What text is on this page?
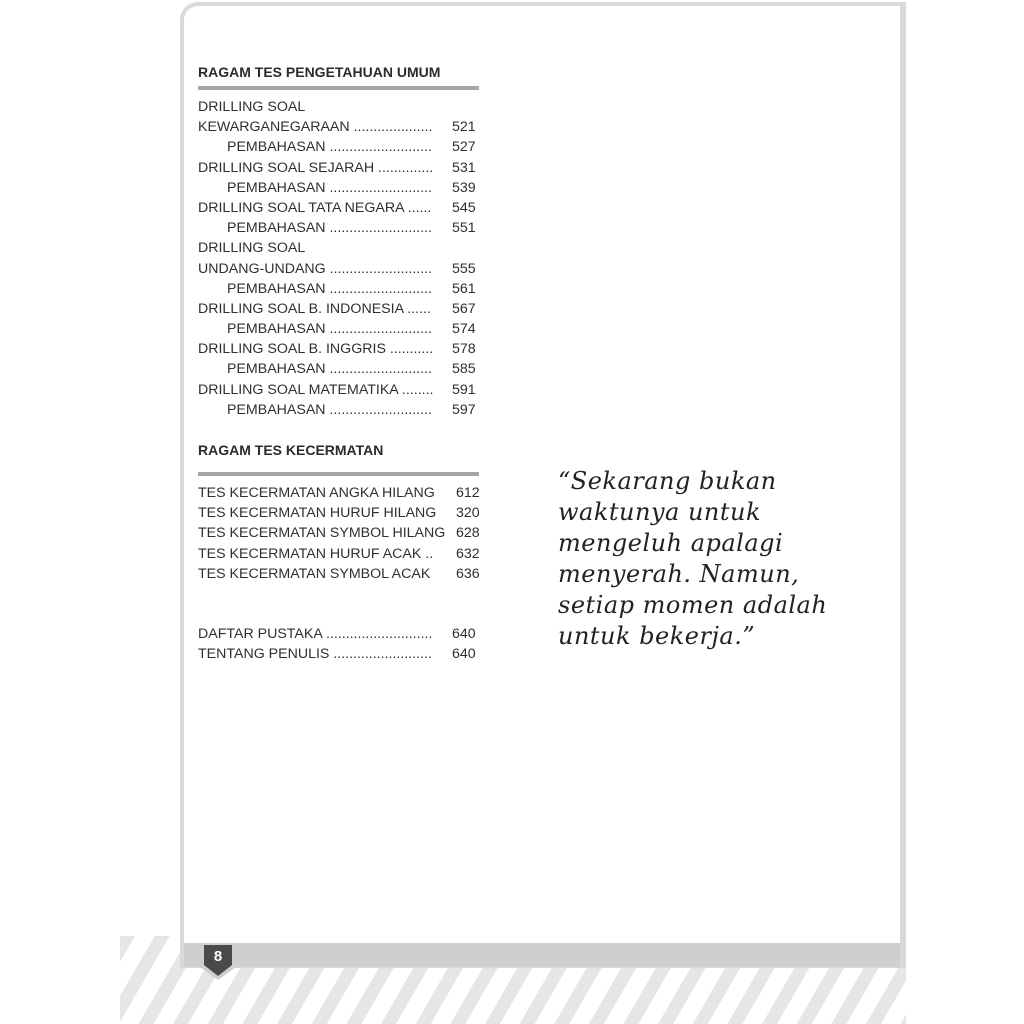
8
RAGAM TES PENGETAHUAN UMUM
DRILLING SOAL
KEWARGANEGARAAN .................... 521
PEMBAHASAN .......................... 527
DRILLING SOAL SEJARAH .............. 531
PEMBAHASAN .......................... 539
DRILLING SOAL TATA NEGARA ...... 545
PEMBAHASAN .......................... 551
DRILLING SOAL
UNDANG-UNDANG .......................... 555
PEMBAHASAN .......................... 561
DRILLING SOAL B. INDONESIA ...... 567
PEMBAHASAN .......................... 574
DRILLING SOAL B. INGGRIS ........... 578
PEMBAHASAN .......................... 585
DRILLING SOAL MATEMATIKA ........ 591
PEMBAHASAN .......................... 597
RAGAM TES KECERMATAN
TES KECERMATAN ANGKA HILANG 612
TES KECERMATAN HURUF HILANG 320
TES KECERMATAN SYMBOL HILANG 628
TES KECERMATAN HURUF ACAK .. 632
TES KECERMATAN SYMBOL ACAK 636
DAFTAR PUSTAKA ........................... 640
TENTANG PENULIS ......................... 640
“Sekarang bukan
waktunya untuk
mengeluh apalagi
menyerah. Namun,
setiap momen adalah
untuk bekerja.”
